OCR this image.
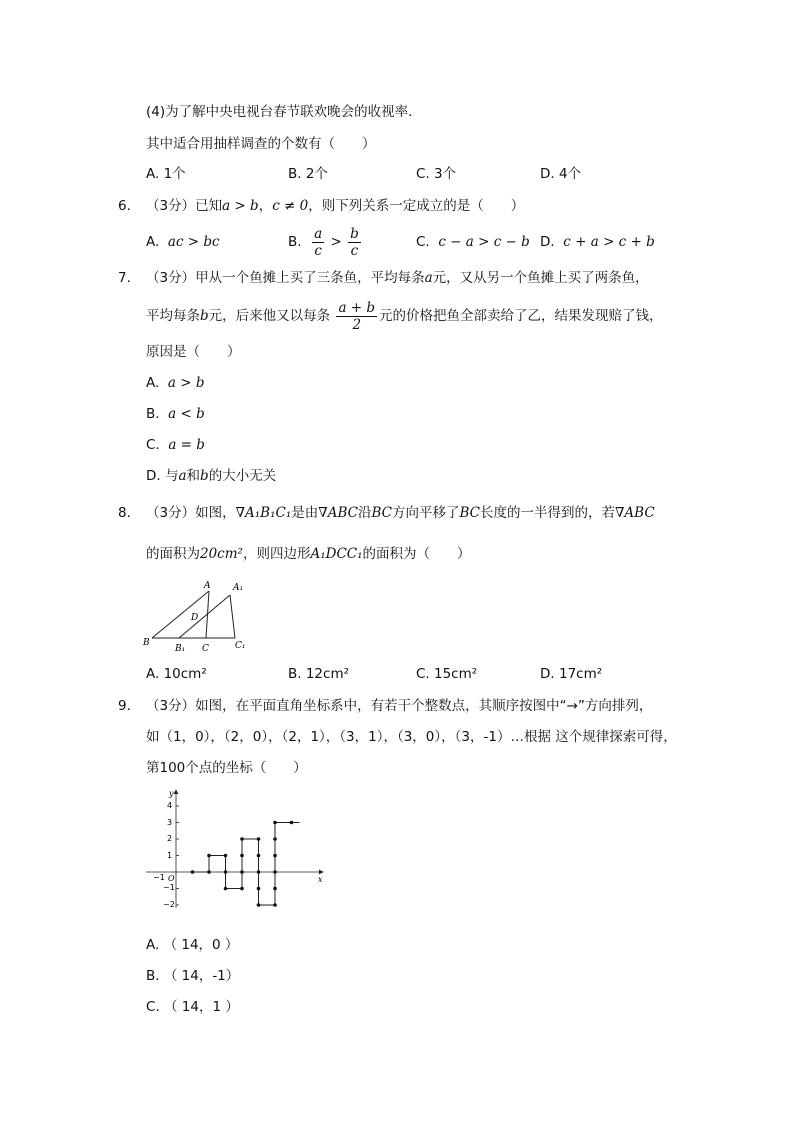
(4)为了解中央电视台春节联欢晚会的收视率．
其中适合用抽样调查的个数有（　　）
A. 1个	B. 2个	C. 3个	D. 4个
6. （3分）已知a > b，c ≠ 0，则下列关系一定成立的是（　　）
A. ac > bc	B. $\frac{a}{c} > \frac{b}{c}$	C. c − a > c − b D. c + a > c + b
7. （3分）甲从一个鱼摊上买了三条鱼，平均每条a元，又从另一个鱼摊上买了两条鱼，
平均每条b元，后来他又以每条 $\frac{a + b}{2}$ 元的价格把鱼全部卖给了乙，结果发现赔了钱，
原因是（　　）
A. a > b
B. a < b
C. a = b
D. 与a和b的大小无关
8. （3分）如图，∇A₁B₁C₁是由∇ABC沿BC方向平移了BC长度的一半得到的，若∇ABC
的面积为20cm²，则四边形A₁DCC₁的面积为（　　）
A	A₁
B
B₁ C	C₁
D
A. 10cm²	B. 12cm²	C. 15cm²	D. 17cm²
9. （3分）如图，在平面直角坐标系中，有若干个整数点，其顺序按图中“→”方向排列，
如（1，0），（2，0），（2，1），（3，1），（3，0），（3，-1）…根据 这个规律探索可得，
第100个点的坐标（　　）
y
x
O
−1
4
3
2
1
−1
−2
A. （ 14，0 ）
B. （ 14，-1）
C. （ 14，1 ）
